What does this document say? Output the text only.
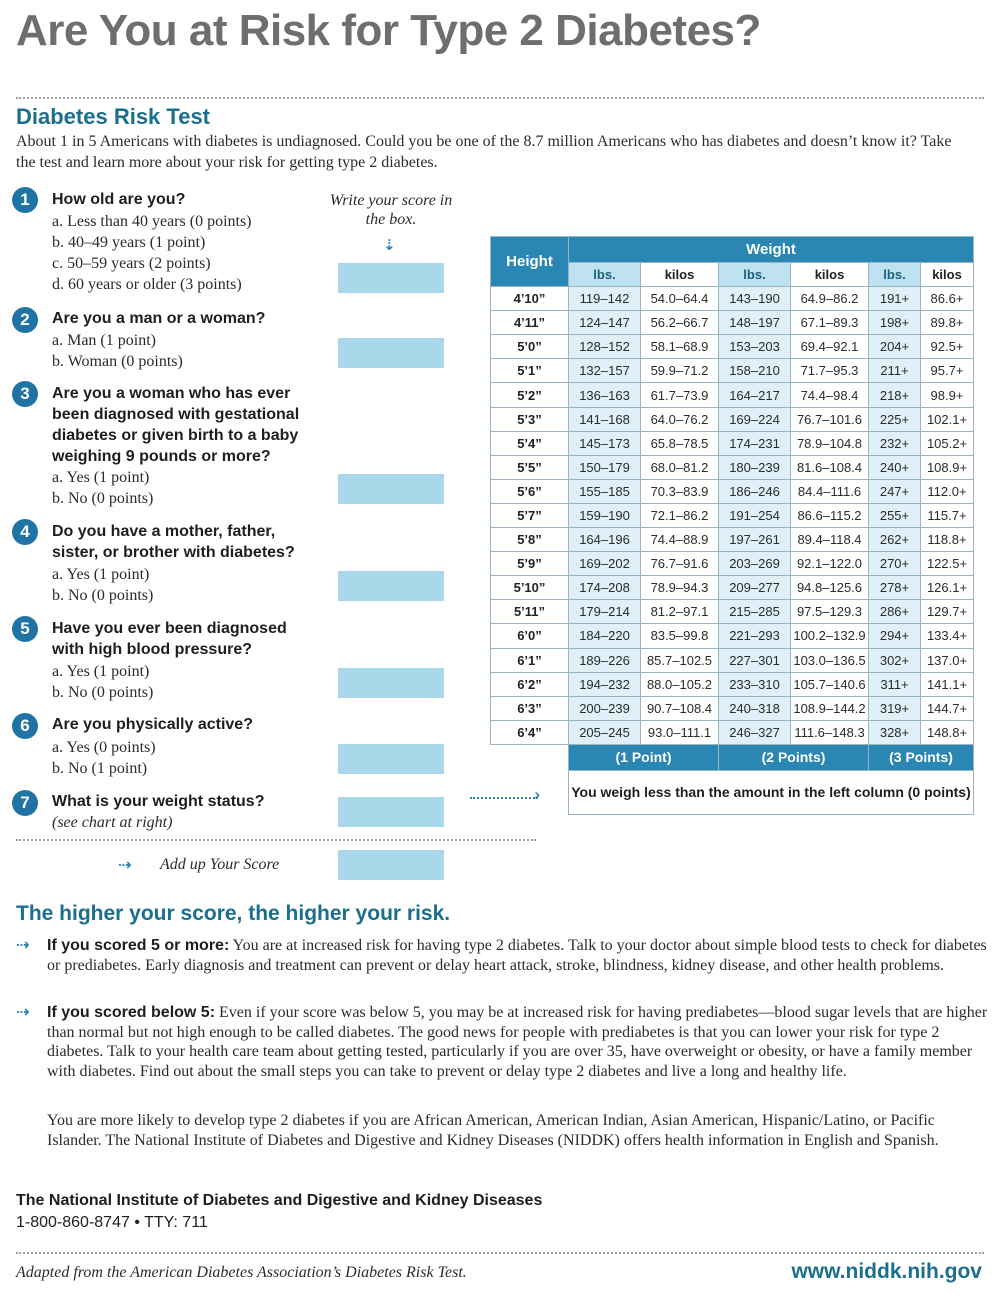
Are You at Risk for Type 2 Diabetes?
Diabetes Risk Test
About 1 in 5 Americans with diabetes is undiagnosed. Could you be one of the 8.7 million Americans who has diabetes and doesn’t know it? Take the test and learn more about your risk for getting type 2 diabetes.
Write your score in the box.
⇣
1	How old are you?
a. Less than 40 years (0 points)
b. 40–49 years (1 point)
c. 50–59 years (2 points)
d. 60 years or older (3 points)
2	Are you a man or a woman?
a. Man (1 point)
b. Woman (0 points)
3	Are you a woman who has ever been diagnosed with gestational diabetes or given birth to a baby weighing 9 pounds or more?
a. Yes (1 point)
b. No (0 points)
4	Do you have a mother, father, sister, or brother with diabetes?
a. Yes (1 point)
b. No (0 points)
5	Have you ever been diagnosed with high blood pressure?
a. Yes (1 point)
b. No (0 points)
6	Are you physically active?
a. Yes (0 points)
b. No (1 point)
7	What is your weight status?
(see chart at right)
⇢ Add up Your Score
›
Height	Weight					
	lbs.	kilos	lbs.	kilos	lbs.	kilos
4’10”	119–142	54.0–64.4	143–190	64.9–86.2	191+	86.6+
4’11”	124–147	56.2–66.7	148–197	67.1–89.3	198+	89.8+
5’0”	128–152	58.1–68.9	153–203	69.4–92.1	204+	92.5+
5’1”	132–157	59.9–71.2	158–210	71.7–95.3	211+	95.7+
5’2”	136–163	61.7–73.9	164–217	74.4–98.4	218+	98.9+
5’3”	141–168	64.0–76.2	169–224	76.7–101.6	225+	102.1+
5’4”	145–173	65.8–78.5	174–231	78.9–104.8	232+	105.2+
5’5”	150–179	68.0–81.2	180–239	81.6–108.4	240+	108.9+
5’6”	155–185	70.3–83.9	186–246	84.4–111.6	247+	112.0+
5’7”	159–190	72.1–86.2	191–254	86.6–115.2	255+	115.7+
5’8”	164–196	74.4–88.9	197–261	89.4–118.4	262+	118.8+
5’9”	169–202	76.7–91.6	203–269	92.1–122.0	270+	122.5+
5’10”	174–208	78.9–94.3	209–277	94.8–125.6	278+	126.1+
5’11”	179–214	81.2–97.1	215–285	97.5–129.3	286+	129.7+
6’0”	184–220	83.5–99.8	221–293	100.2–132.9	294+	133.4+
6’1”	189–226	85.7–102.5	227–301	103.0–136.5	302+	137.0+
6’2”	194–232	88.0–105.2	233–310	105.7–140.6	311+	141.1+
6’3”	200–239	90.7–108.4	240–318	108.9–144.2	319+	144.7+
6’4”	205–245	93.0–111.1	246–327	111.6–148.3	328+	148.8+
	(1 Point)		(2 Points)		(3 Points)	
	You weigh less than the amount in the left column (0 points)					
The higher your score, the higher your risk.
⇢ If you scored 5 or more: You are at increased risk for having type 2 diabetes. Talk to your doctor about simple blood tests to check for diabetes or prediabetes. Early diagnosis and treatment can prevent or delay heart attack, stroke, blindness, kidney disease, and other health problems.
⇢ If you scored below 5: Even if your score was below 5, you may be at increased risk for having prediabetes—blood sugar levels that are higher than normal but not high enough to be called diabetes. The good news for people with prediabetes is that you can lower your risk for type 2 diabetes. Talk to your health care team about getting tested, particularly if you are over 35, have overweight or obesity, or have a family member with diabetes. Find out about the small steps you can take to prevent or delay type 2 diabetes and live a long and healthy life.
You are more likely to develop type 2 diabetes if you are African American, American Indian, Asian American, Hispanic/Latino, or Pacific Islander. The National Institute of Diabetes and Digestive and Kidney Diseases (NIDDK) offers health information in English and Spanish.
The National Institute of Diabetes and Digestive and Kidney Diseases
1-800-860-8747 • TTY: 711
Adapted from the American Diabetes Association’s Diabetes Risk Test.	www.niddk.nih.gov
